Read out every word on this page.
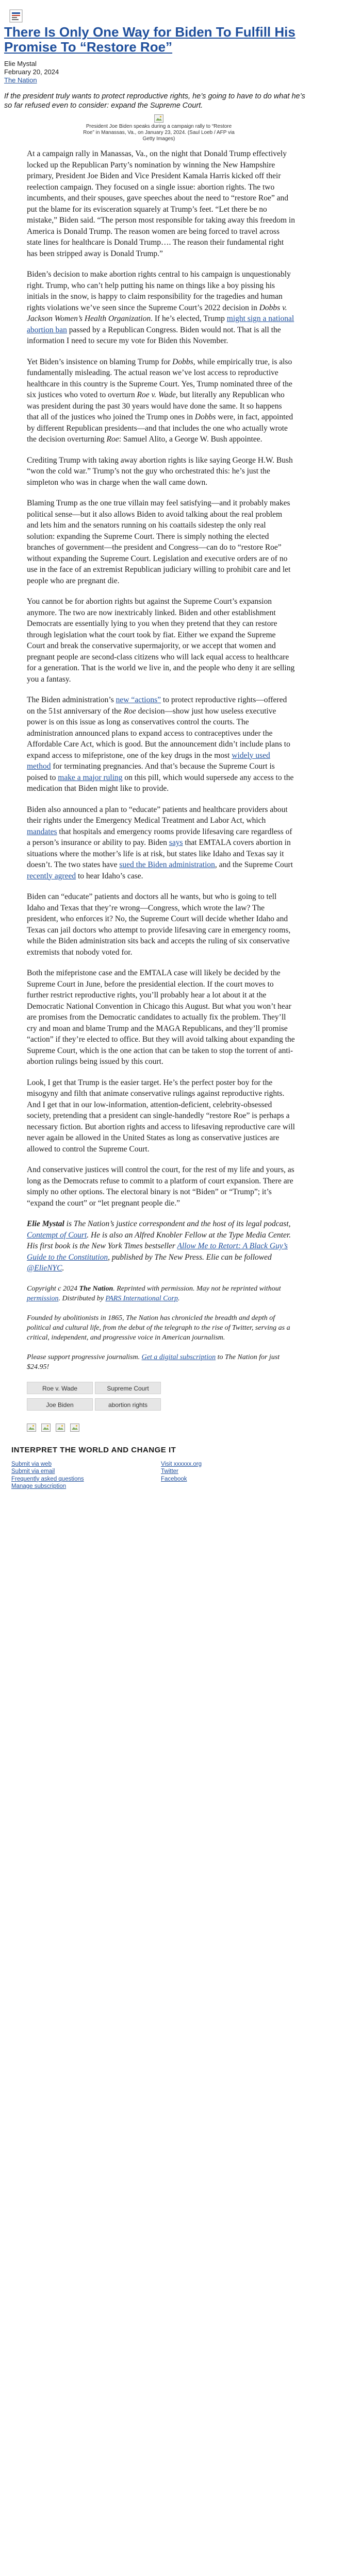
There Is Only One Way for Biden To Fulfill His Promise To “Restore Roe”

Elie Mystal

February 20, 2024

The Nation

If the president truly wants to protect reproductive rights, he’s going to have to do what he’s so far refused even to consider: expand the Supreme Court.

President Joe Biden speaks during a campaign rally to “Restore Roe” in Manassas, Va., on January 23, 2024. (Saul Loeb / AFP via Getty Images)

At a campaign rally in Manassas, Va., on the night that Donald Trump effectively locked up the Republican Party’s nomination by winning the New Hampshire primary, President Joe Biden and Vice President Kamala Harris kicked off their reelection campaign. They focused on a single issue: abortion rights. The two incumbents, and their spouses, gave speeches about the need to “restore Roe” and put the blame for its evisceration squarely at Trump’s feet. “Let there be no mistake,” Biden said. “The person most responsible for taking away this freedom in America is Donald Trump. The reason women are being forced to travel across state lines for healthcare is Donald Trump…. The reason their fundamental right has been stripped away is Donald Trump.”

Biden’s decision to make abortion rights central to his campaign is unquestionably right. Trump, who can’t help putting his name on things like a boy pissing his initials in the snow, is happy to claim responsibility for the tragedies and human rights violations we’ve seen since the Supreme Court’s 2022 decision in Dobbs v. Jackson Women’s Health Organization. If he’s elected, Trump might sign a national abortion ban passed by a Republican Congress. Biden would not. That is all the information I need to secure my vote for Biden this November.

Yet Biden’s insistence on blaming Trump for Dobbs, while empirically true, is also fundamentally misleading. The actual reason we’ve lost access to reproductive healthcare in this country is the Supreme Court. Yes, Trump nominated three of the six justices who voted to overturn Roe v. Wade, but literally any Republican who was president during the past 30 years would have done the same. It so happens that all of the justices who joined the Trump ones in Dobbs were, in fact, appointed by different Republican presidents—and that includes the one who actually wrote the decision overturning Roe: Samuel Alito, a George W. Bush appointee.

Crediting Trump with taking away abortion rights is like saying George H.W. Bush “won the cold war.” Trump’s not the guy who orchestrated this: he’s just the simpleton who was in charge when the wall came down.

Blaming Trump as the one true villain may feel satisfying—and it probably makes political sense—but it also allows Biden to avoid talking about the real problem and lets him and the senators running on his coattails sidestep the only real solution: expanding the Supreme Court. There is simply nothing the elected branches of government—the president and Congress—can do to “restore Roe” without expanding the Supreme Court. Legislation and executive orders are of no use in the face of an extremist Republican judiciary willing to prohibit care and let people who are pregnant die.

You cannot be for abortion rights but against the Supreme Court’s expansion anymore. The two are now inextricably linked. Biden and other establishment Democrats are essentially lying to you when they pretend that they can restore through legislation what the court took by fiat. Either we expand the Supreme Court and break the conservative supermajority, or we accept that women and pregnant people are second-class citizens who will lack equal access to healthcare for a generation. That is the world we live in, and the people who deny it are selling you a fantasy.

The Biden administration’s new “actions” to protect reproductive rights—offered on the 51st anniversary of the Roe decision—show just how useless executive power is on this issue as long as conservatives control the courts. The administration announced plans to expand access to contraceptives under the Affordable Care Act, which is good. But the announcement didn’t include plans to expand access to mifepristone, one of the key drugs in the most widely used method for terminating pregnancies. And that’s because the Supreme Court is poised to make a major ruling on this pill, which would supersede any access to the medication that Biden might like to provide.

Biden also announced a plan to “educate” patients and healthcare providers about their rights under the Emergency Medical Treatment and Labor Act, which mandates that hospitals and emergency rooms provide lifesaving care regardless of a person’s insurance or ability to pay. Biden says that EMTALA covers abortion in situations where the mother’s life is at risk, but states like Idaho and Texas say it doesn’t. The two states have sued the Biden administration, and the Supreme Court recently agreed to hear Idaho’s case.

Biden can “educate” patients and doctors all he wants, but who is going to tell Idaho and Texas that they’re wrong—Congress, which wrote the law? The president, who enforces it? No, the Supreme Court will decide whether Idaho and Texas can jail doctors who attempt to provide lifesaving care in emergency rooms, while the Biden administration sits back and accepts the ruling of six conservative extremists that nobody voted for.

Both the mifepristone case and the EMTALA case will likely be decided by the Supreme Court in June, before the presidential election. If the court moves to further restrict reproductive rights, you’ll probably hear a lot about it at the Democratic National Convention in Chicago this August. But what you won’t hear are promises from the Democratic candidates to actually fix the problem. They’ll cry and moan and blame Trump and the MAGA Republicans, and they’ll promise “action” if they’re elected to office. But they will avoid talking about expanding the Supreme Court, which is the one action that can be taken to stop the torrent of anti-abortion rulings being issued by this court.

Look, I get that Trump is the easier target. He’s the perfect poster boy for the misogyny and filth that animate conservative rulings against reproductive rights. And I get that in our low-information, attention-deficient, celebrity-obsessed society, pretending that a president can single-handedly “restore Roe” is perhaps a necessary fiction. But abortion rights and access to lifesaving reproductive care will never again be allowed in the United States as long as conservative justices are allowed to control the Supreme Court.

And conservative justices will control the court, for the rest of my life and yours, as long as the Democrats refuse to commit to a platform of court expansion. There are simply no other options. The electoral binary is not “Biden” or “Trump”; it’s “expand the court” or “let pregnant people die.”

Elie Mystal is The Nation’s justice correspondent and the host of its legal podcast, Contempt of Court. He is also an Alfred Knobler Fellow at the Type Media Center. His first book is the New York Times bestseller Allow Me to Retort: A Black Guy’s Guide to the Constitution, published by The New Press. Elie can be followed @ElieNYC.

Copyright c 2024 The Nation. Reprinted with permission. May not be reprinted without permission. Distributed by PARS International Corp.

Founded by abolitionists in 1865, The Nation has chronicled the breadth and depth of political and cultural life, from the debut of the telegraph to the rise of Twitter, serving as a critical, independent, and progressive voice in American journalism.

Please support progressive journalism. Get a digital subscription to The Nation for just $24.95!

Roe v. Wade	Supreme Court
Joe Biden	abortion rights

INTERPRET THE WORLD AND CHANGE IT
Submit via web
Submit via email
Frequently asked questions
Manage subscription
Visit xxxxxx.org
Twitter
Facebook
